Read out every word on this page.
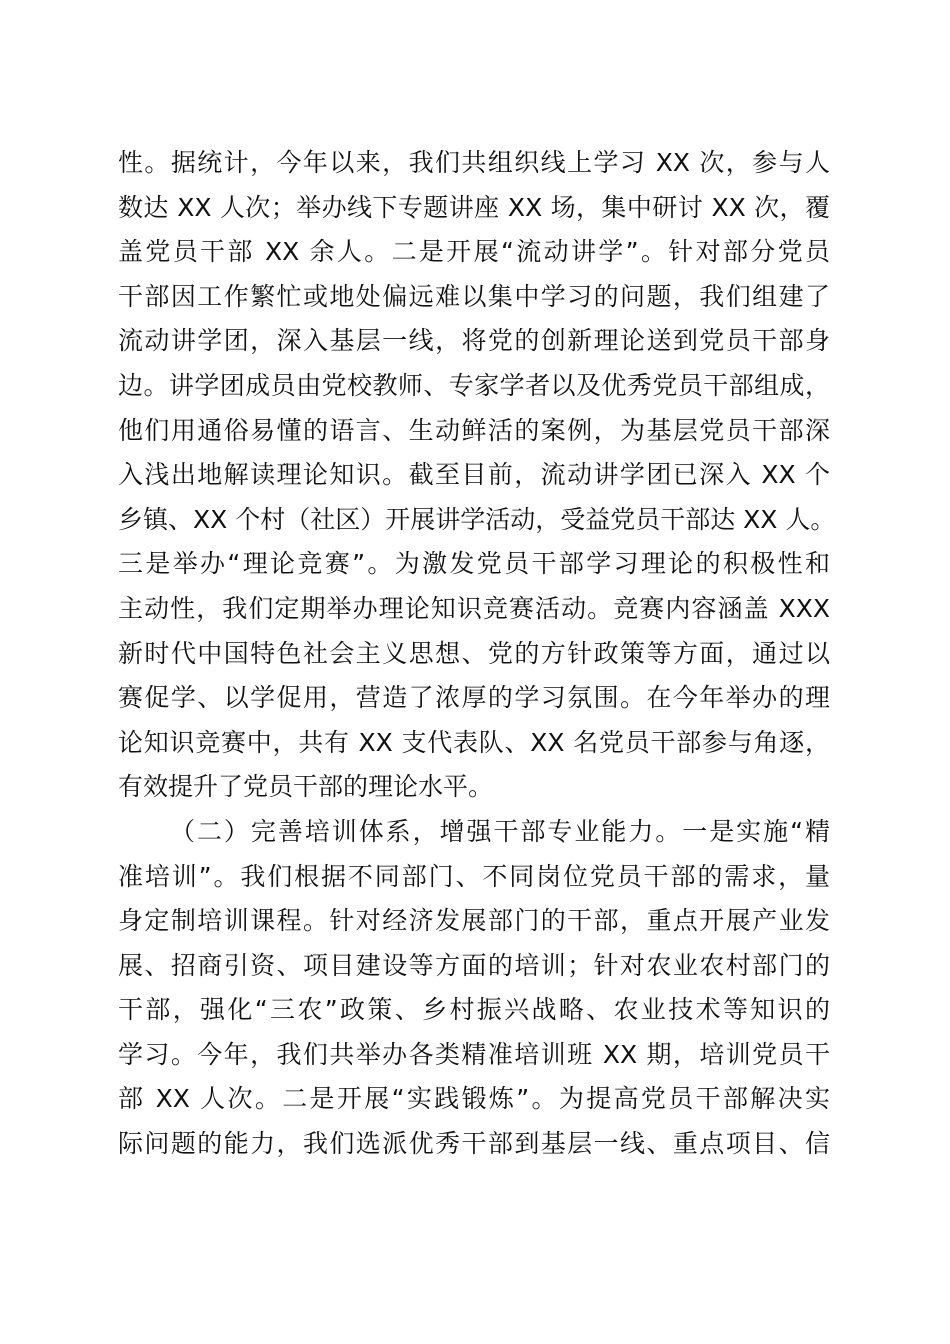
性。据统计，今年以来，我们共组织线上学习 XX 次，参与人
数达 XX 人次；举办线下专题讲座 XX 场，集中研讨 XX 次，覆
盖党员干部 XX 余人。二是开展“流动讲学”。针对部分党员
干部因工作繁忙或地处偏远难以集中学习的问题，我们组建了
流动讲学团，深入基层一线，将党的创新理论送到党员干部身
边。讲学团成员由党校教师、专家学者以及优秀党员干部组成，
他们用通俗易懂的语言、生动鲜活的案例，为基层党员干部深
入浅出地解读理论知识。截至目前，流动讲学团已深入 XX 个
乡镇、XX 个村（社区）开展讲学活动，受益党员干部达 XX 人。
三是举办“理论竞赛”。为激发党员干部学习理论的积极性和
主动性，我们定期举办理论知识竞赛活动。竞赛内容涵盖 XXX
新时代中国特色社会主义思想、党的方针政策等方面，通过以
赛促学、以学促用，营造了浓厚的学习氛围。在今年举办的理
论知识竞赛中，共有 XX 支代表队、XX 名党员干部参与角逐，
有效提升了党员干部的理论水平。
（二）完善培训体系，增强干部专业能力。一是实施“精
准培训”。我们根据不同部门、不同岗位党员干部的需求，量
身定制培训课程。针对经济发展部门的干部，重点开展产业发
展、招商引资、项目建设等方面的培训；针对农业农村部门的
干部，强化“三农”政策、乡村振兴战略、农业技术等知识的
学习。今年，我们共举办各类精准培训班 XX 期，培训党员干
部 XX 人次。二是开展“实践锻炼”。为提高党员干部解决实
际问题的能力，我们选派优秀干部到基层一线、重点项目、信
